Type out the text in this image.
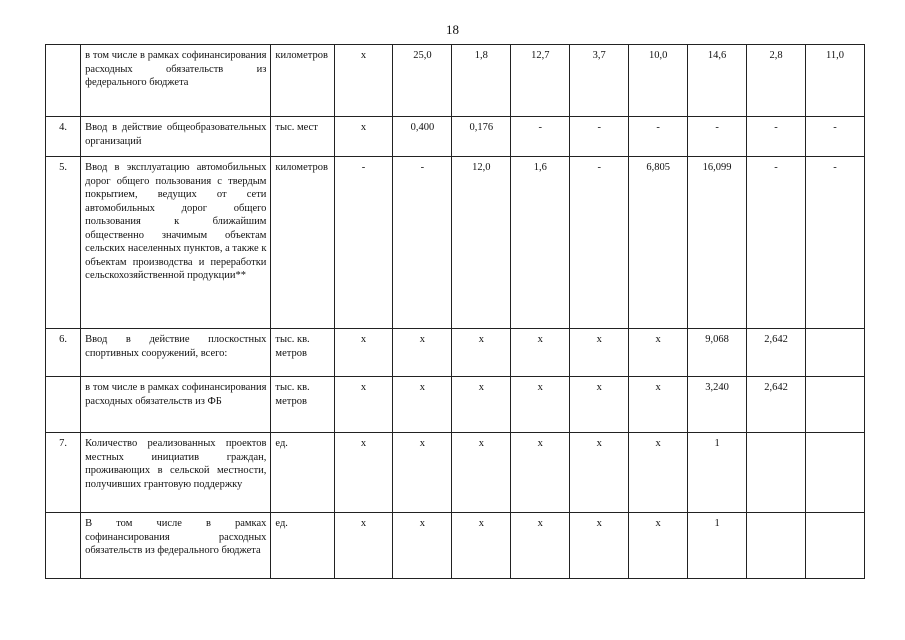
18
	в том числе в рамках софинансирования расходных обязательств из федерального бюджета	километров	x	25,0	1,8	12,7	3,7	10,0	14,6	2,8	11,0
4.	Ввод в действие общеобразовательных организаций	тыс. мест	x	0,400	0,176	-	-	-	-	-	-
5.	Ввод в эксплуатацию автомобильных дорог общего пользования с твердым покрытием, ведущих от сети автомобильных дорог общего пользования к ближайшим общественно значимым объектам сельских населенных пунктов, а также к объектам производства и переработки сельскохозяйственной продукции**	километров	-	-	12,0	1,6	-	6,805	16,099	-	-
6.	Ввод в действие плоскостных спортивных сооружений, всего:	тыс. кв. метров	x	x	x	x	x	x	9,068	2,642	
	в том числе в рамках софинансирования расходных обязательств из ФБ	тыс. кв. метров	x	x	x	x	x	x	3,240	2,642	
7.	Количество реализованных проектов местных инициатив граждан, проживающих в сельской местности, получивших грантовую поддержку	ед.	x	x	x	x	x	x	1		
	В том числе в рамках софинансирования расходных обязательств из федерального бюджета	ед.	x	x	x	x	x	x	1		
